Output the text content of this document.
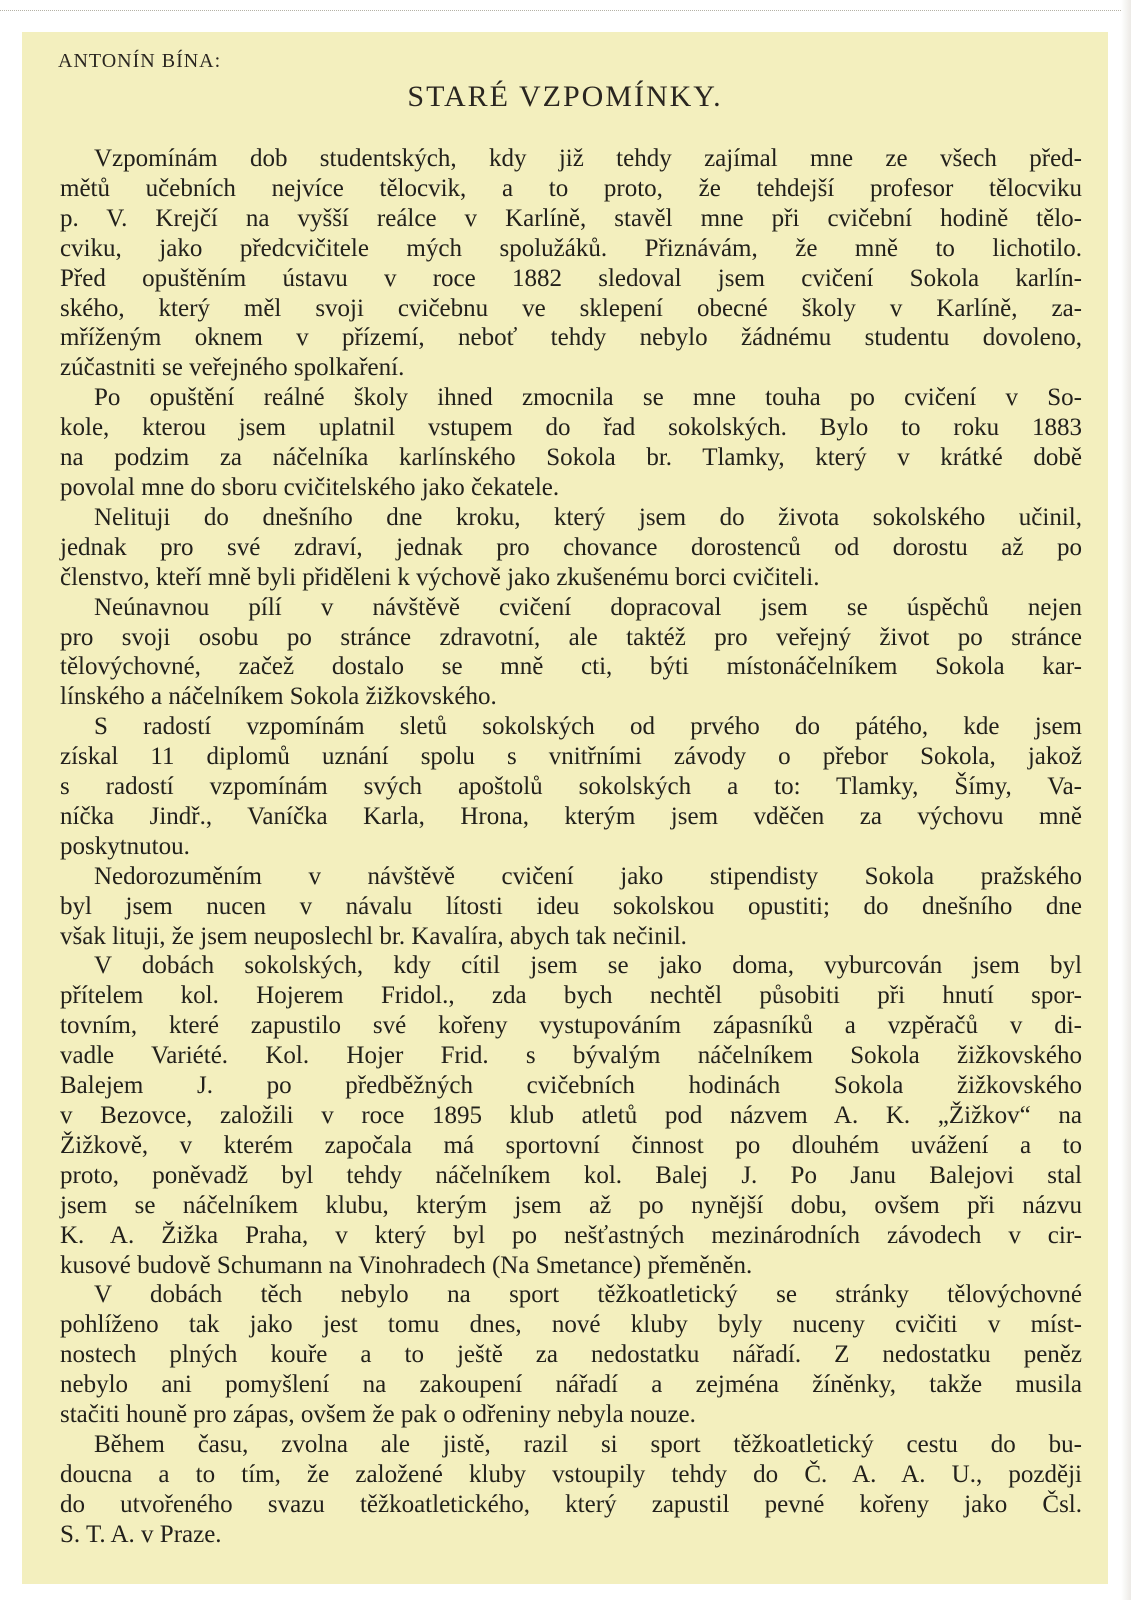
ANTONÍN BÍNA:
STARÉ VZPOMÍNKY.
Vzpomínám dob studentských, kdy již tehdy zajímal mne ze všech před-
mětů učebních nejvíce tělocvik, a to proto, že tehdejší profesor tělocviku
p. V. Krejčí na vyšší reálce v Karlíně, stavěl mne při cvičební hodině tělo-
cviku, jako předcvičitele mých spolužáků. Přiznávám, že mně to lichotilo.
Před opuštěním ústavu v roce 1882 sledoval jsem cvičení Sokola karlín-
ského, který měl svoji cvičebnu ve sklepení obecné školy v Karlíně, za-
mříženým oknem v přízemí, neboť tehdy nebylo žádnému studentu dovoleno,
zúčastniti se veřejného spolkaření.
Po opuštění reálné školy ihned zmocnila se mne touha po cvičení v So-
kole, kterou jsem uplatnil vstupem do řad sokolských. Bylo to roku 1883
na podzim za náčelníka karlínského Sokola br. Tlamky, který v krátké době
povolal mne do sboru cvičitelského jako čekatele.
Nelituji do dnešního dne kroku, který jsem do života sokolského učinil,
jednak pro své zdraví, jednak pro chovance dorostenců od dorostu až po
členstvo, kteří mně byli přiděleni k výchově jako zkušenému borci cvičiteli.
Neúnavnou pílí v návštěvě cvičení dopracoval jsem se úspěchů nejen
pro svoji osobu po stránce zdravotní, ale taktéž pro veřejný život po stránce
tělovýchovné, začež dostalo se mně cti, býti místonáčelníkem Sokola kar-
línského a náčelníkem Sokola žižkovského.
S radostí vzpomínám sletů sokolských od prvého do pátého, kde jsem
získal 11 diplomů uznání spolu s vnitřními závody o přebor Sokola, jakož
s radostí vzpomínám svých apoštolů sokolských a to: Tlamky, Šímy, Va-
níčka Jindř., Vaníčka Karla, Hrona, kterým jsem vděčen za výchovu mně
poskytnutou.
Nedorozuměním v návštěvě cvičení jako stipendisty Sokola pražského
byl jsem nucen v návalu lítosti ideu sokolskou opustiti; do dnešního dne
však lituji, že jsem neuposlechl br. Kavalíra, abych tak nečinil.
V dobách sokolských, kdy cítil jsem se jako doma, vyburcován jsem byl
přítelem kol. Hojerem Fridol., zda bych nechtěl působiti při hnutí spor-
tovním, které zapustilo své kořeny vystupováním zápasníků a vzpěračů v di-
vadle Variété. Kol. Hojer Frid. s bývalým náčelníkem Sokola žižkovského
Balejem J. po předběžných cvičebních hodinách Sokola žižkovského
v Bezovce, založili v roce 1895 klub atletů pod názvem A. K. „Žižkov“ na
Žižkově, v kterém započala má sportovní činnost po dlouhém uvážení a to
proto, poněvadž byl tehdy náčelníkem kol. Balej J. Po Janu Balejovi stal
jsem se náčelníkem klubu, kterým jsem až po nynější dobu, ovšem při názvu
K. A. Žižka Praha, v který byl po nešťastných mezinárodních závodech v cir-
kusové budově Schumann na Vinohradech (Na Smetance) přeměněn.
V dobách těch nebylo na sport těžkoatletický se stránky tělovýchovné
pohlíženo tak jako jest tomu dnes, nové kluby byly nuceny cvičiti v míst-
nostech plných kouře a to ještě za nedostatku nářadí. Z nedostatku peněz
nebylo ani pomyšlení na zakoupení nářadí a zejména žíněnky, takže musila
stačiti houně pro zápas, ovšem že pak o odřeniny nebyla nouze.
Během času, zvolna ale jistě, razil si sport těžkoatletický cestu do bu-
doucna a to tím, že založené kluby vstoupily tehdy do Č. A. A. U., později
do utvořeného svazu těžkoatletického, který zapustil pevné kořeny jako Čsl.
S. T. A. v Praze.
